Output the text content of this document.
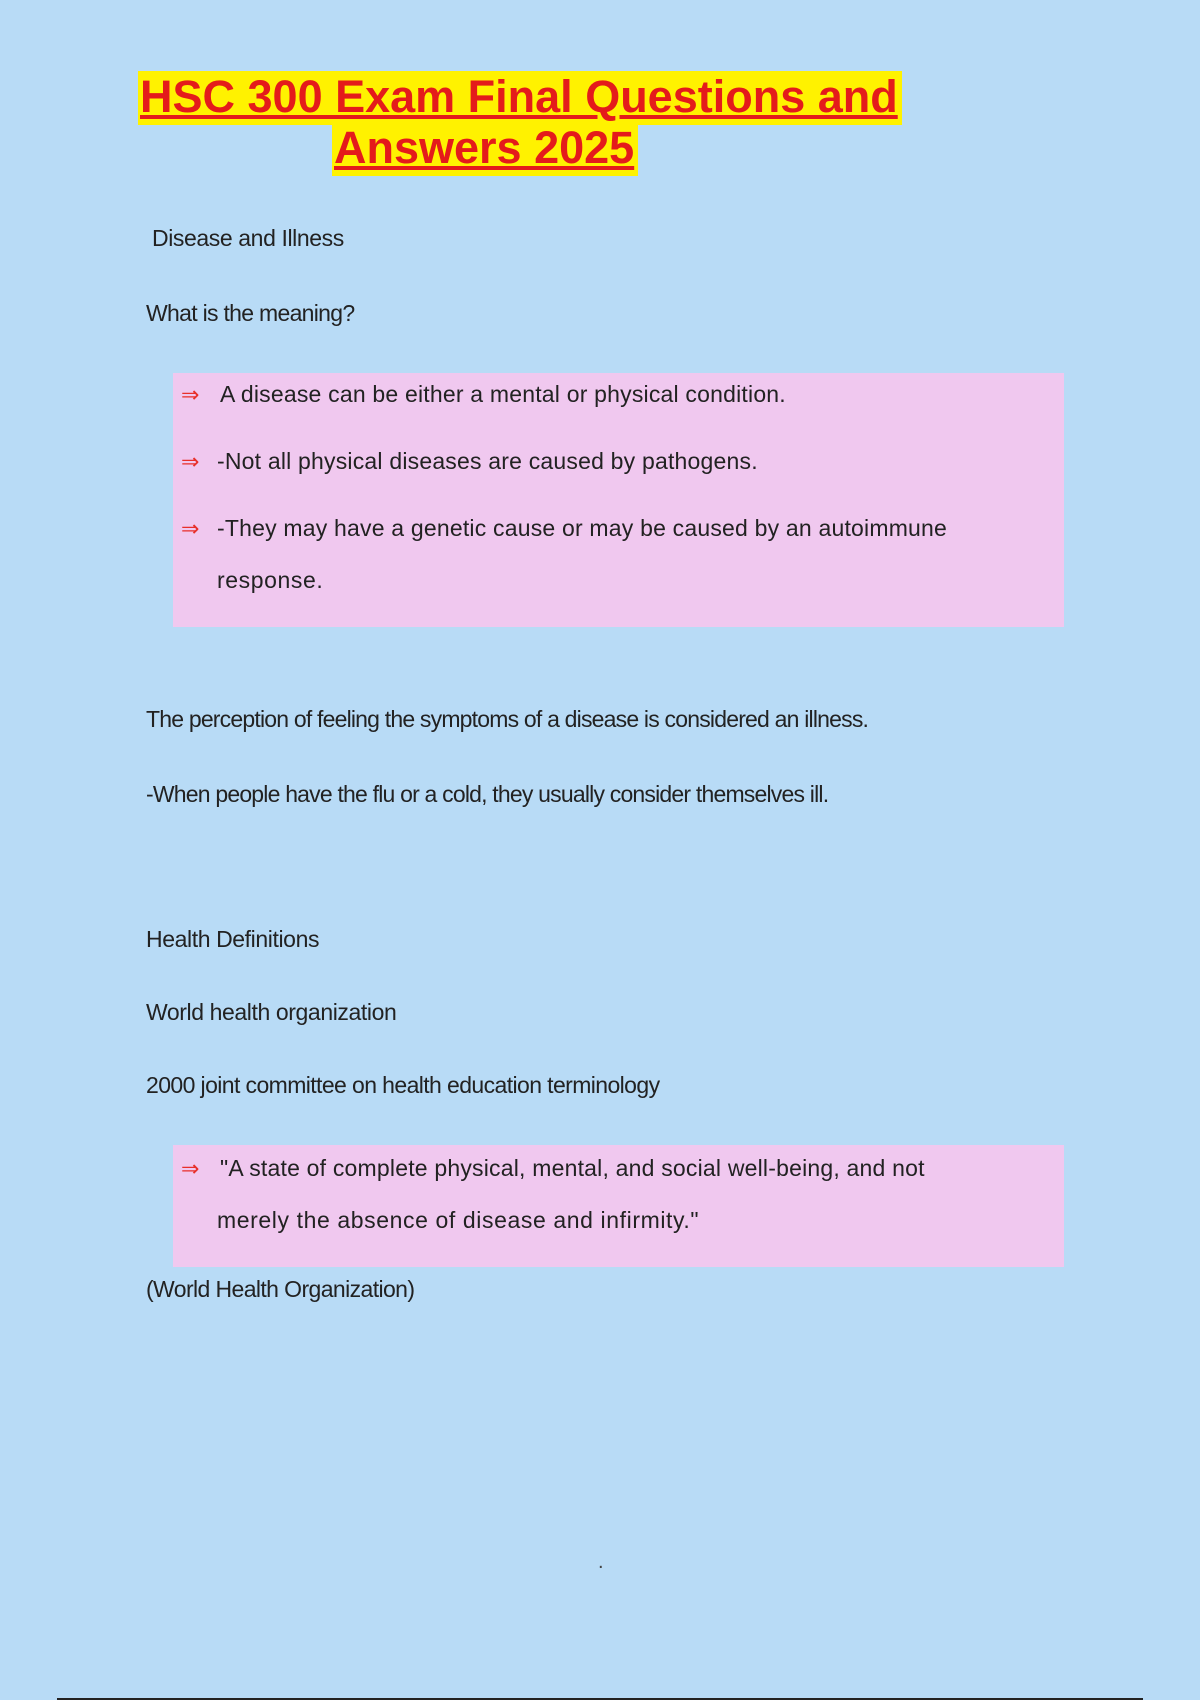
HSC 300 Exam Final Questions and
Answers 2025
Disease and Illness
What is the meaning?
⇒ A disease can be either a mental or physical condition.
⇒ -Not all physical diseases are caused by pathogens.
⇒ -They may have a genetic cause or may be caused by an autoimmune
response.
The perception of feeling the symptoms of a disease is considered an illness.
-When people have the flu or a cold, they usually consider themselves ill.
Health Definitions
World health organization
2000 joint committee on health education terminology
⇒ "A state of complete physical, mental, and social well-being, and not
merely the absence of disease and infirmity."
(World Health Organization)
.
